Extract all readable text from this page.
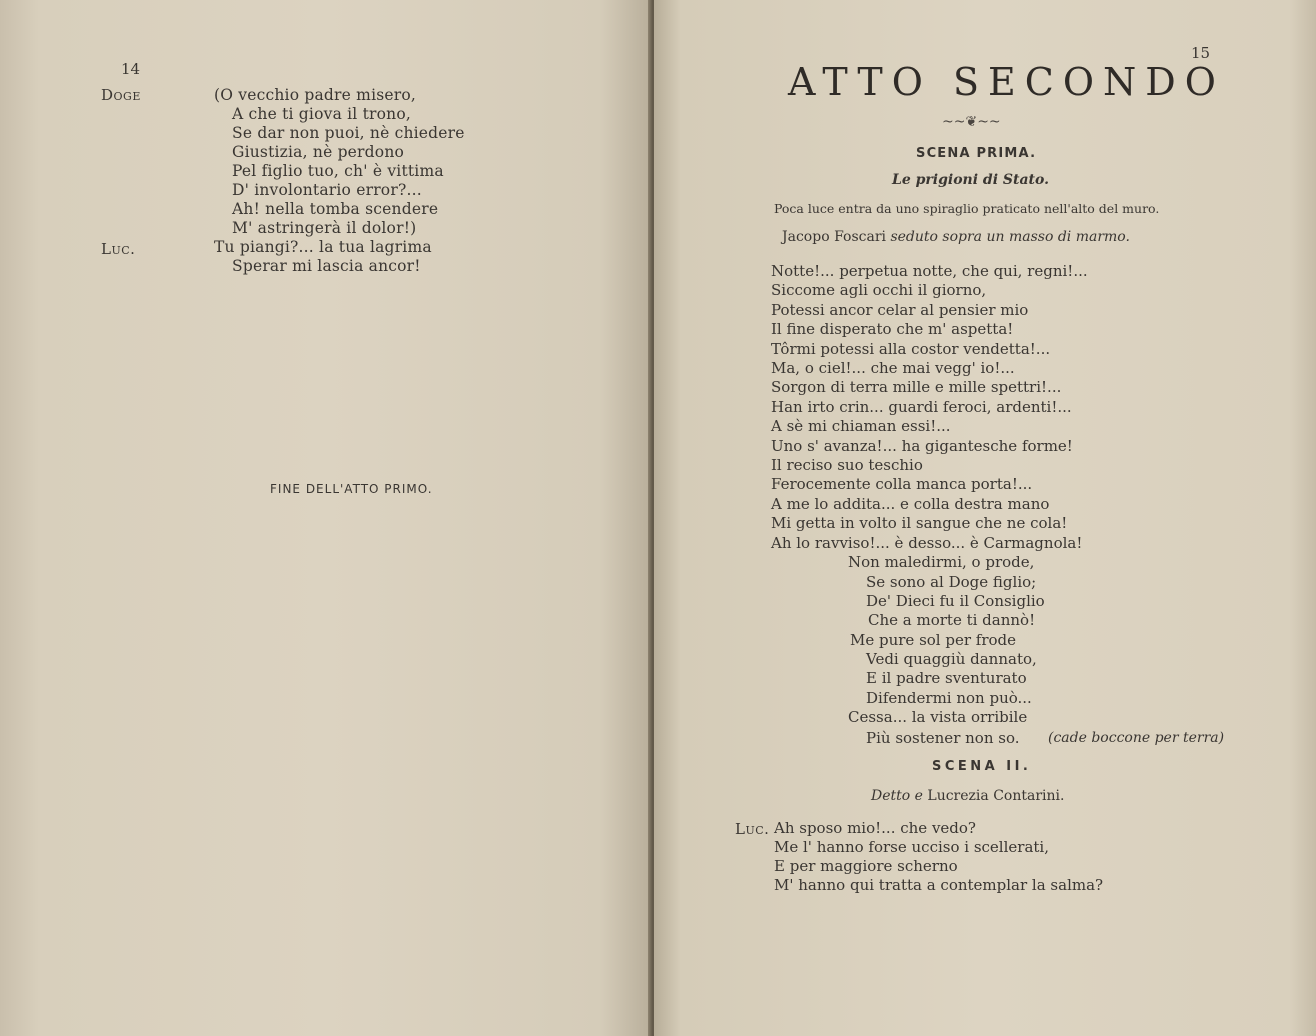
14
Doge	(O vecchio padre misero,
A che ti giova il trono,
Se dar non puoi, nè chiedere
Giustizia, nè perdono
Pel figlio tuo, ch' è vittima
D' involontario error?...
Ah! nella tomba scendere
M' astringerà il dolor!)
Luc.	Tu piangi?... la tua lagrima
Sperar mi lascia ancor!
FINE DELL'ATTO PRIMO.
15
ATTO SECONDO
~~❦~~
SCENA PRIMA.
Le prigioni di Stato.
Poca luce entra da uno spiraglio praticato nell'alto del muro.
Jacopo Foscari seduto sopra un masso di marmo.
Notte!... perpetua notte, che qui, regni!...
Siccome agli occhi il giorno,
Potessi ancor celar al pensier mio
Il fine disperato che m' aspetta!
Tôrmi potessi alla costor vendetta!...
Ma, o ciel!... che mai vegg' io!...
Sorgon di terra mille e mille spettri!...
Han irto crin... guardi feroci, ardenti!...
A sè mi chiaman essi!...
Uno s' avanza!... ha gigantesche forme!
Il reciso suo teschio
Ferocemente colla manca porta!...
A me lo addita... e colla destra mano
Mi getta in volto il sangue che ne cola!
Ah lo ravviso!... è desso... è Carmagnola!
Non maledirmi, o prode,
Se sono al Doge figlio;
De' Dieci fu il Consiglio
Che a morte ti dannò!
Me pure sol per frode
Vedi quaggiù dannato,
E il padre sventurato
Difendermi non può...
Cessa... la vista orribile
Più sostener non so. (cade boccone per terra)
SCENA II.
Detto e Lucrezia Contarini.
Luc. Ah sposo mio!... che vedo?
Me l' hanno forse ucciso i scellerati,
E per maggiore scherno
M' hanno qui tratta a contemplar la salma?
